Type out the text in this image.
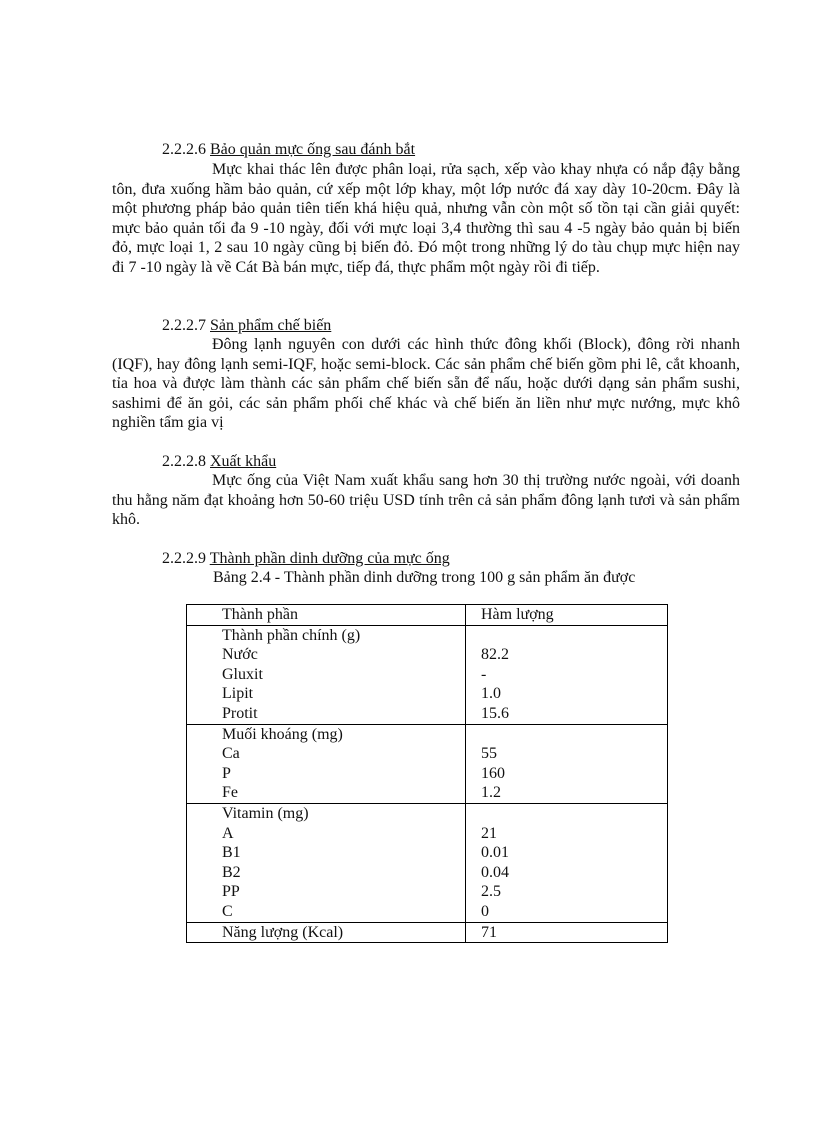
2.2.2.6 Bảo quản mực ống sau đánh bắt
Mực khai thác lên được phân loại, rửa sạch, xếp vào khay nhựa có nắp đậy bằng tôn, đưa xuống hầm bảo quản, cứ xếp một lớp khay, một lớp nước đá xay dày 10-20cm. Đây là một phương pháp bảo quản tiên tiến khá hiệu quả, nhưng vẫn còn một số tồn tại cần giải quyết: mực bảo quản tối đa 9 -10 ngày, đối với mực loại 3,4 thường thì sau 4 -5 ngày bảo quản bị biến đỏ, mực loại 1, 2 sau 10 ngày cũng bị biến đỏ. Đó một trong những lý do tàu chụp mực hiện nay đi 7 -10 ngày là về Cát Bà bán mực, tiếp đá, thực phẩm một ngày rồi đi tiếp.
2.2.2.7 Sản phẩm chế biến
Đông lạnh nguyên con dưới các hình thức đông khối (Block), đông rời nhanh (IQF), hay đông lạnh semi-IQF, hoặc semi-block. Các sản phẩm chế biến gồm phi lê, cắt khoanh, tỉa hoa và được làm thành các sản phẩm chế biến sẵn để nấu, hoặc dưới dạng sản phẩm sushi, sashimi để ăn gỏi, các sản phẩm phối chế khác và chế biến ăn liền như mực nướng, mực khô nghiền tẩm gia vị
2.2.2.8 Xuất khẩu
Mực ống của Việt Nam xuất khẩu sang hơn 30 thị trường nước ngoài, với doanh thu hằng năm đạt khoảng hơn 50-60 triệu USD tính trên cả sản phẩm đông lạnh tươi và sản phẩm khô.
2.2.2.9 Thành phần dinh dưỡng của mực ống
Bảng 2.4 - Thành phần dinh dưỡng trong 100 g sản phẩm ăn được
Thành phần	Hàm lượng
Thành phần chính (g)	
Nước	82.2
Gluxit	-
Lipit	1.0
Protit	15.6
Muối khoáng (mg)	
Ca	55
P	160
Fe	1.2
Vitamin (mg)	
A	21
B1	0.01
B2	0.04
PP	2.5
C	0
Năng lượng (Kcal)	71
